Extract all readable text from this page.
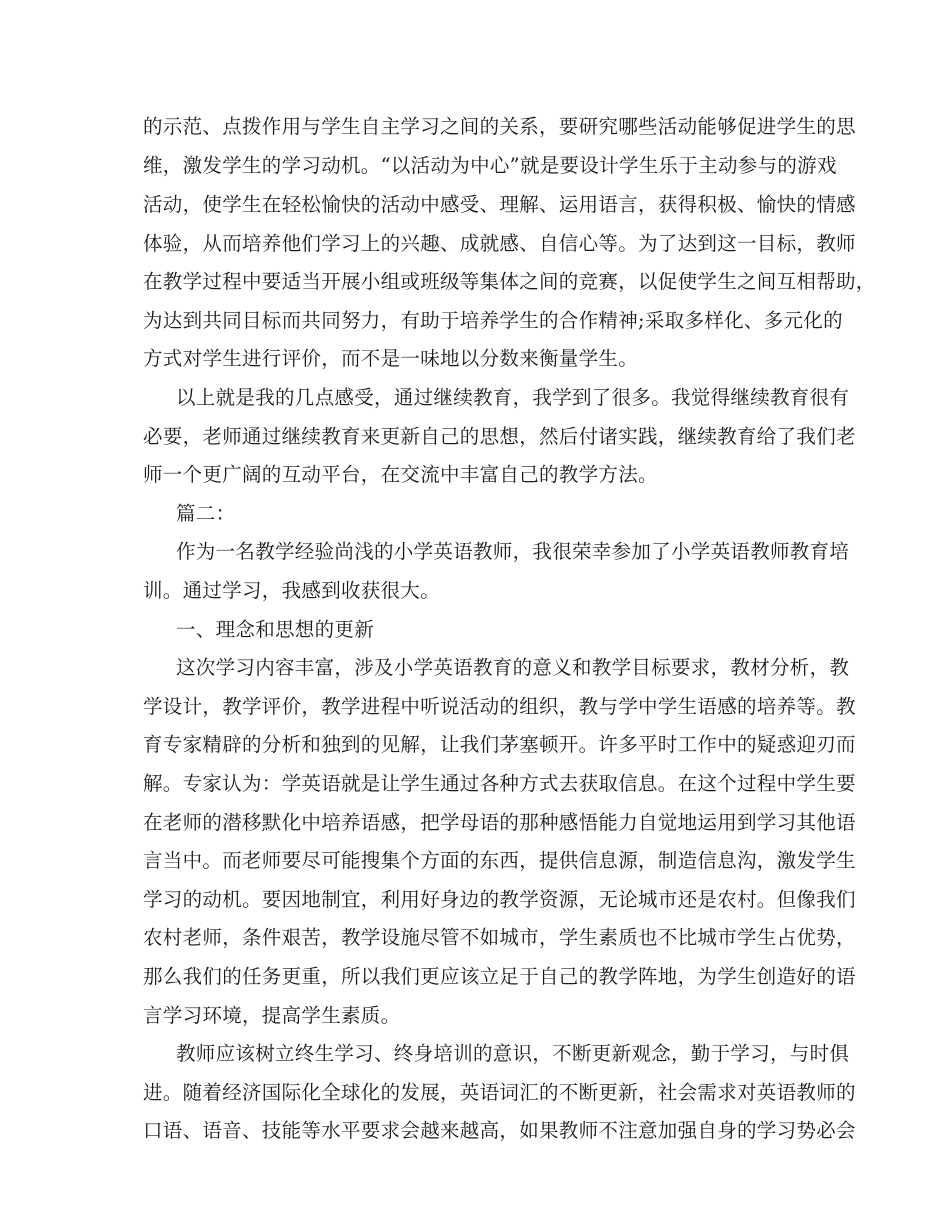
的示范、点拨作用与学生自主学习之间的关系，要研究哪些活动能够促进学生的思
维，激发学生的学习动机。“以活动为中心”就是要设计学生乐于主动参与的游戏
活动，使学生在轻松愉快的活动中感受、理解、运用语言，获得积极、愉快的情感
体验，从而培养他们学习上的兴趣、成就感、自信心等。为了达到这一目标，教师
在教学过程中要适当开展小组或班级等集体之间的竞赛，以促使学生之间互相帮助，
为达到共同目标而共同努力，有助于培养学生的合作精神;采取多样化、多元化的
方式对学生进行评价，而不是一味地以分数来衡量学生。
以上就是我的几点感受，通过继续教育，我学到了很多。我觉得继续教育很有
必要，老师通过继续教育来更新自己的思想，然后付诸实践，继续教育给了我们老
师一个更广阔的互动平台，在交流中丰富自己的教学方法。
篇二：
作为一名教学经验尚浅的小学英语教师，我很荣幸参加了小学英语教师教育培
训。通过学习，我感到收获很大。
一、理念和思想的更新
这次学习内容丰富，涉及小学英语教育的意义和教学目标要求，教材分析，教
学设计，教学评价，教学进程中听说活动的组织，教与学中学生语感的培养等。教
育专家精辟的分析和独到的见解，让我们茅塞顿开。许多平时工作中的疑惑迎刃而
解。专家认为：学英语就是让学生通过各种方式去获取信息。在这个过程中学生要
在老师的潜移默化中培养语感，把学母语的那种感悟能力自觉地运用到学习其他语
言当中。而老师要尽可能搜集个方面的东西，提供信息源，制造信息沟，激发学生
学习的动机。要因地制宜，利用好身边的教学资源，无论城市还是农村。但像我们
农村老师，条件艰苦，教学设施尽管不如城市，学生素质也不比城市学生占优势，
那么我们的任务更重，所以我们更应该立足于自己的教学阵地，为学生创造好的语
言学习环境，提高学生素质。
教师应该树立终生学习、终身培训的意识，不断更新观念，勤于学习，与时俱
进。随着经济国际化全球化的发展，英语词汇的不断更新，社会需求对英语教师的
口语、语音、技能等水平要求会越来越高，如果教师不注意加强自身的学习势必会
